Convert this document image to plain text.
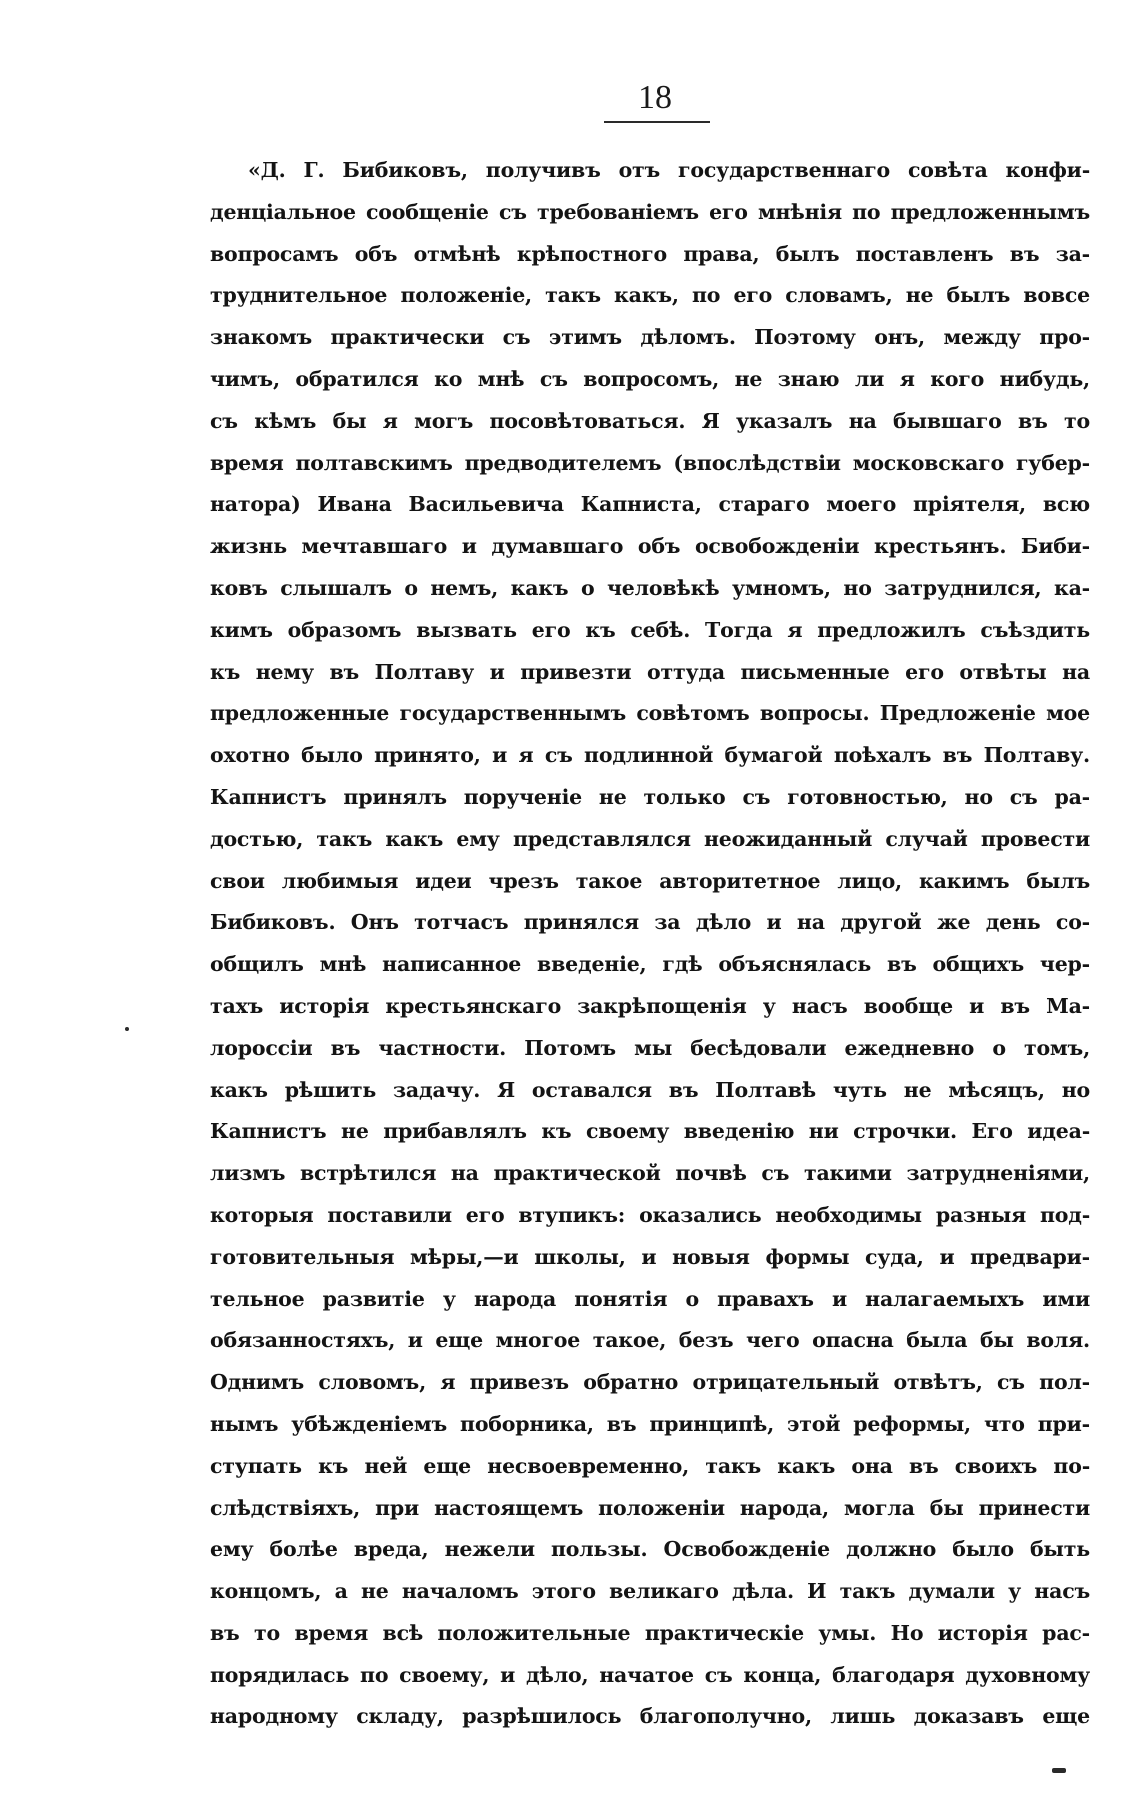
18
«Д. Г. Бибиковъ, получивъ отъ государственнаго совѣта конфи-
денціальное сообщеніе съ требованіемъ его мнѣнія по предложеннымъ
вопросамъ объ отмѣнѣ крѣпостного права, былъ поставленъ въ за-
труднительное положеніе, такъ какъ, по его словамъ, не былъ вовсе
знакомъ практически съ этимъ дѣломъ. Поэтому онъ, между про-
чимъ, обратился ко мнѣ съ вопросомъ, не знаю ли я кого нибудь,
съ кѣмъ бы я могъ посовѣтоваться. Я указалъ на бывшаго въ то
время полтавскимъ предводителемъ (впослѣдствіи московскаго губер-
натора) Ивана Васильевича Капниста, стараго моего пріятеля, всю
жизнь мечтавшаго и думавшаго объ освобожденіи крестьянъ. Биби-
ковъ слышалъ о немъ, какъ о человѣкѣ умномъ, но затруднился, ка-
кимъ образомъ вызвать его къ себѣ. Тогда я предложилъ съѣздить
къ нему въ Полтаву и привезти оттуда письменные его отвѣты на
предложенные государственнымъ совѣтомъ вопросы. Предложеніе мое
охотно было принято, и я съ подлинной бумагой поѣхалъ въ Полтаву.
Капнистъ принялъ порученіе не только съ готовностью, но съ ра-
достью, такъ какъ ему представлялся неожиданный случай провести
свои любимыя идеи чрезъ такое авторитетное лицо, какимъ былъ
Бибиковъ. Онъ тотчасъ принялся за дѣло и на другой же день со-
общилъ мнѣ написанное введеніе, гдѣ объяснялась въ общихъ чер-
тахъ исторія крестьянскаго закрѣпощенія у насъ вообще и въ Ма-
лороссіи въ частности. Потомъ мы бесѣдовали ежедневно о томъ,
какъ рѣшить задачу. Я оставался въ Полтавѣ чуть не мѣсяцъ, но
Капнистъ не прибавлялъ къ своему введенію ни строчки. Его идеа-
лизмъ встрѣтился на практической почвѣ съ такими затрудненіями,
которыя поставили его втупикъ: оказались необходимы разныя под-
готовительныя мѣры,—и школы, и новыя формы суда, и предвари-
тельное развитіе у народа понятія о правахъ и налагаемыхъ ими
обязанностяхъ, и еще многое такое, безъ чего опасна была бы воля.
Однимъ словомъ, я привезъ обратно отрицательный отвѣтъ, съ пол-
нымъ убѣжденіемъ поборника, въ принципѣ, этой реформы, что при-
ступать къ ней еще несвоевременно, такъ какъ она въ своихъ по-
слѣдствіяхъ, при настоящемъ положеніи народа, могла бы принести
ему болѣе вреда, нежели пользы. Освобожденіе должно было быть
концомъ, а не началомъ этого великаго дѣла. И такъ думали у насъ
въ то время всѣ положительные практическіе умы. Но исторія рас-
порядилась по своему, и дѣло, начатое съ конца, благодаря духовному
народному складу, разрѣшилось благополучно, лишь доказавъ еще
